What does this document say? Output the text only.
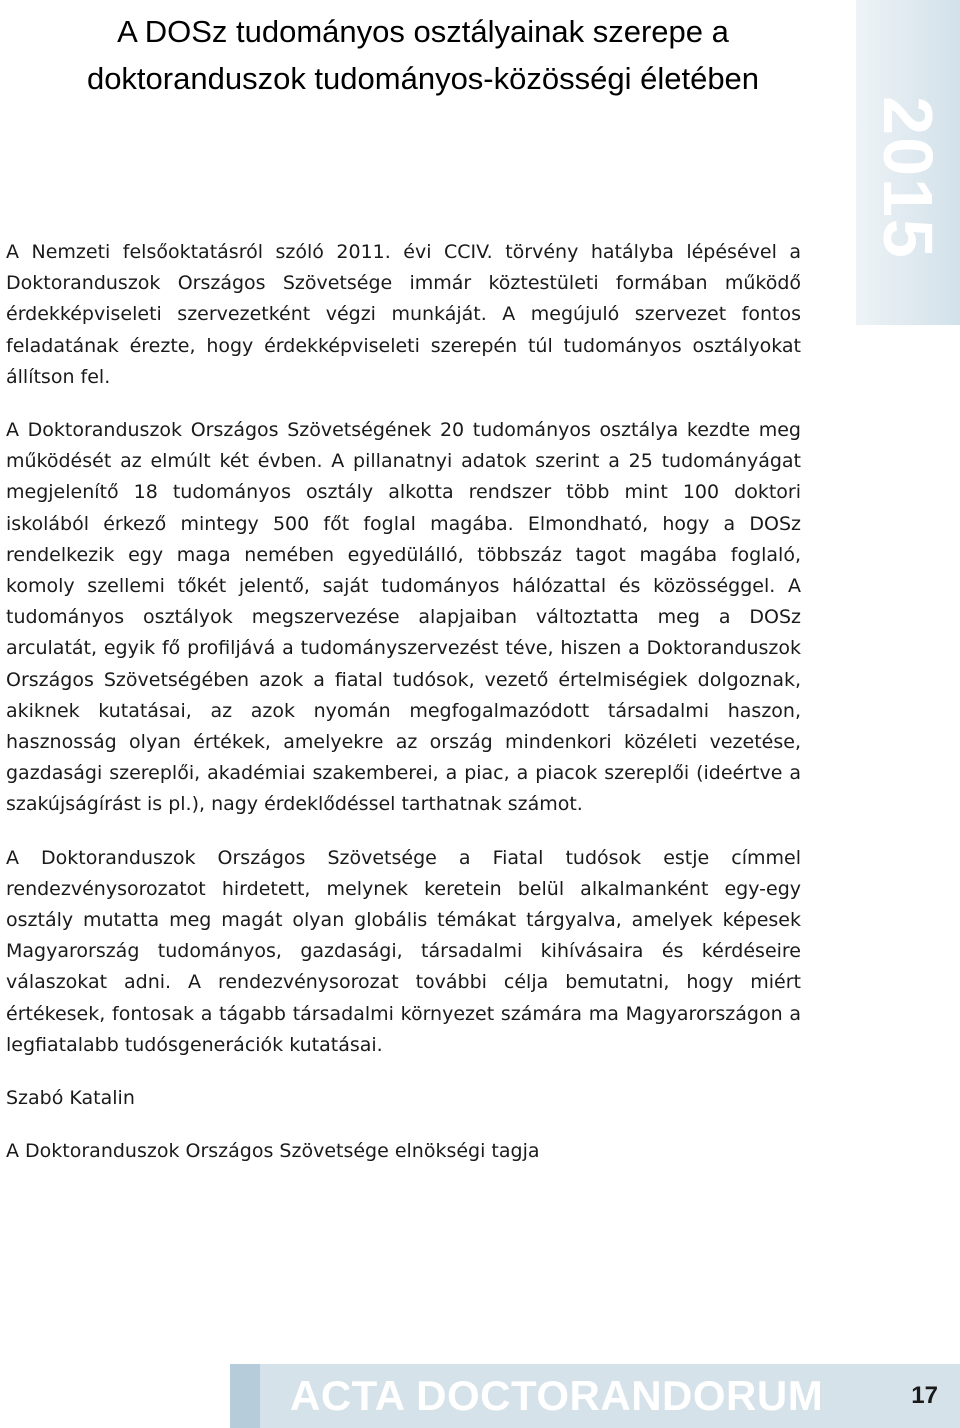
A DOSz tudományos osztályainak szerepe a doktoranduszok tudományos-közösségi életében
2015

A Nemzeti felsőoktatásról szóló 2011. évi CCIV. törvény hatályba lépésével a Doktoranduszok Országos Szövetsége immár köztestületi formában működő érdekképviseleti szervezetként végzi munkáját. A megújuló szervezet fontos feladatának érezte, hogy érdekképviseleti szerepén túl tudományos osztályokat állítson fel.

A Doktoranduszok Országos Szövetségének 20 tudományos osztálya kezdte meg működését az elmúlt két évben. A pillanatnyi adatok szerint a 25 tudományágat megjelenítő 18 tudományos osztály alkotta rendszer több mint 100 doktori iskolából érkező mintegy 500 főt foglal magába. Elmondható, hogy a DOSz rendelkezik egy maga nemében egyedülálló, többszáz tagot magába foglaló, komoly szellemi tőkét jelentő, saját tudományos hálózattal és közösséggel. A tudományos osztályok megszervezése alapjaiban változtatta meg a DOSz arculatát, egyik fő profiljává a tudományszervezést téve, hiszen a Doktoranduszok Országos Szövetségében azok a fiatal tudósok, vezető értelmiségiek dolgoznak, akiknek kutatásai, az azok nyomán megfogalmazódott társadalmi haszon, hasznosság olyan értékek, amelyekre az ország mindenkori közéleti vezetése, gazdasági szereplői, akadémiai szakemberei, a piac, a piacok szereplői (ideértve a szakújságírást is pl.), nagy érdeklődéssel tarthatnak számot.

A Doktoranduszok Országos Szövetsége a Fiatal tudósok estje címmel rendezvénysorozatot hirdetett, melynek keretein belül alkalmanként egy-egy osztály mutatta meg magát olyan globális témákat tárgyalva, amelyek képesek Magyarország tudományos, gazdasági, társadalmi kihívásaira és kérdéseire válaszokat adni. A rendezvénysorozat további célja bemutatni, hogy miért értékesek, fontosak a tágabb társadalmi környezet számára ma Magyarországon a legfiatalabb tudósgenerációk kutatásai.

Szabó Katalin

A Doktoranduszok Országos Szövetsége elnökségi tagja

ACTA DOCTORANDORUM	17
